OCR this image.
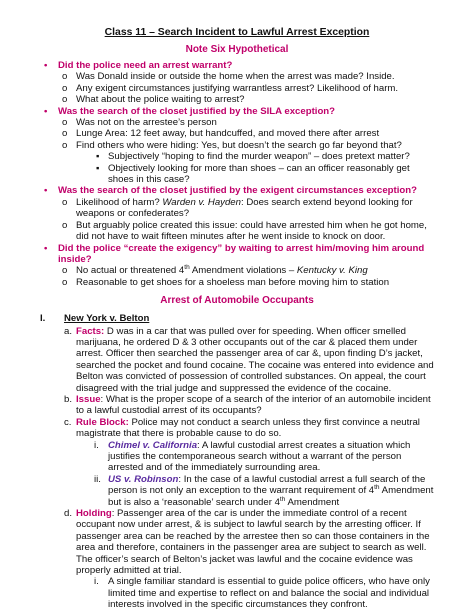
Class 11 – Search Incident to Lawful Arrest Exception
Note Six Hypothetical
• Did the police need an arrest warrant?
o Was Donald inside or outside the home when the arrest was made? Inside.
o Any exigent circumstances justifying warrantless arrest? Likelihood of harm.
o What about the police waiting to arrest?
• Was the search of the closet justified by the SILA exception?
o Was not on the arrestee’s person
o Lunge Area: 12 feet away, but handcuffed, and moved there after arrest
o Find others who were hiding: Yes, but doesn’t the search go far beyond that?
▪ Subjectively “hoping to find the murder weapon” – does pretext matter?
▪ Objectively looking for more than shoes – can an officer reasonably get shoes in this case?
• Was the search of the closet justified by the exigent circumstances exception?
o Likelihood of harm? Warden v. Hayden: Does search extend beyond looking for weapons or confederates?
o But arguably police created this issue: could have arrested him when he got home, did not have to wait fifteen minutes after he went inside to knock on door.
• Did the police “create the exigency” by waiting to arrest him/moving him around inside?
o No actual or threatened 4th Amendment violations – Kentucky v. King
o Reasonable to get shoes for a shoeless man before moving him to station
Arrest of Automobile Occupants
I. New York v. Belton
a. Facts: D was in a car that was pulled over for speeding. When officer smelled marijuana, he ordered D & 3 other occupants out of the car & placed them under arrest. Officer then searched the passenger area of car &, upon finding D’s jacket, searched the pocket and found cocaine. The cocaine was entered into evidence and Belton was convicted of possession of controlled substances. On appeal, the court disagreed with the trial judge and suppressed the evidence of the cocaine.
b. Issue: What is the proper scope of a search of the interior of an automobile incident to a lawful custodial arrest of its occupants?
c. Rule Block: Police may not conduct a search unless they first convince a neutral magistrate that there is probable cause to do so.
i. Chimel v. California: A lawful custodial arrest creates a situation which justifies the contemporaneous search without a warrant of the person arrested and of the immediately surrounding area.
ii. US v. Robinson: In the case of a lawful custodial arrest a full search of the person is not only an exception to the warrant requirement of 4th Amendment but is also a ‘reasonable’ search under 4th Amendment
d. Holding: Passenger area of the car is under the immediate control of a recent occupant now under arrest, & is subject to lawful search by the arresting officer. If passenger area can be reached by the arrestee then so can those containers in the area and therefore, containers in the passenger area are subject to search as well. The officer’s search of Belton’s jacket was lawful and the cocaine evidence was properly admitted at trial.
i. A single familiar standard is essential to guide police officers, who have only limited time and expertise to reflect on and balance the social and individual interests involved in the specific circumstances they confront.
